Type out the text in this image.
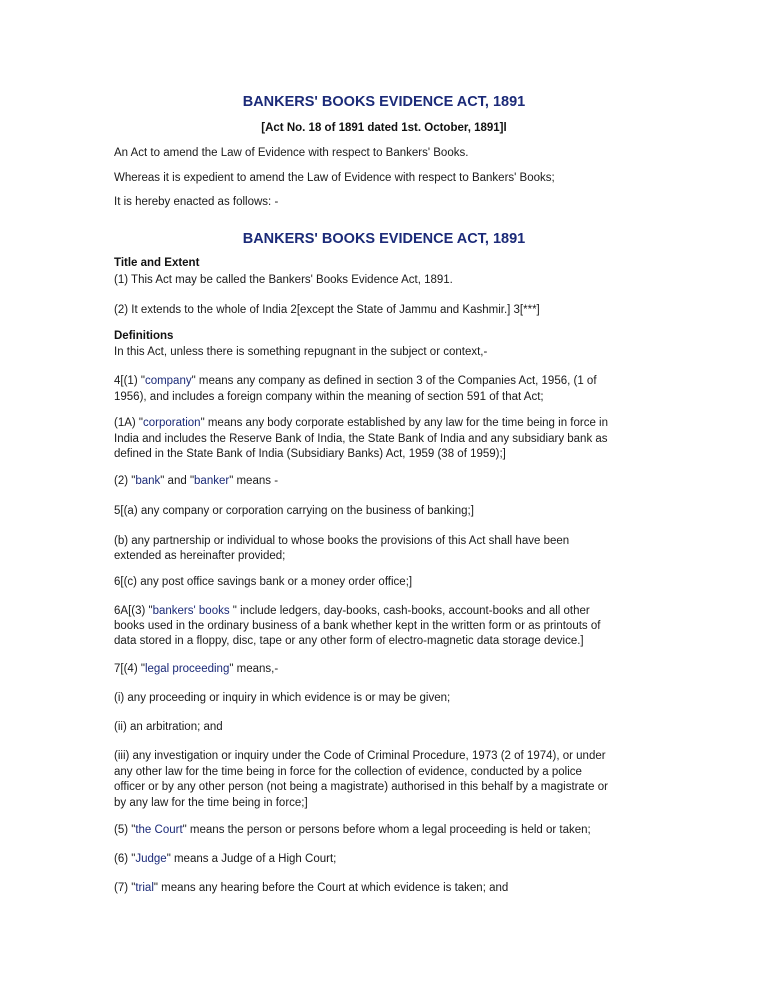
BANKERS' BOOKS EVIDENCE ACT, 1891
[Act No. 18 of 1891 dated 1st. October, 1891]l
An Act to amend the Law of Evidence with respect to Bankers' Books.
Whereas it is expedient to amend the Law of Evidence with respect to Bankers' Books;
It is hereby enacted as follows: -
BANKERS' BOOKS EVIDENCE ACT, 1891
Title and Extent
(1) This Act may be called the Bankers' Books Evidence Act, 1891.
(2) It extends to the whole of India 2[except the State of Jammu and Kashmir.] 3[***]
Definitions
In this Act, unless there is something repugnant in the subject or context,-
4[(1) "company" means any company as defined in section 3 of the Companies Act, 1956, (1 of
1956), and includes a foreign company within the meaning of section 591 of that Act;
(1A) "corporation" means any body corporate established by any law for the time being in force in
India and includes the Reserve Bank of India, the State Bank of India and any subsidiary bank as
defined in the State Bank of India (Subsidiary Banks) Act, 1959 (38 of 1959);]
(2) "bank" and "banker" means -
5[(a) any company or corporation carrying on the business of banking;]
(b) any partnership or individual to whose books the provisions of this Act shall have been
extended as hereinafter provided;
6[(c) any post office savings bank or a money order office;]
6A[(3) "bankers' books " include ledgers, day-books, cash-books, account-books and all other
books used in the ordinary business of a bank whether kept in the written form or as printouts of
data stored in a floppy, disc, tape or any other form of electro-magnetic data storage device.]
7[(4) "legal proceeding" means,-
(i) any proceeding or inquiry in which evidence is or may be given;
(ii) an arbitration; and
(iii) any investigation or inquiry under the Code of Criminal Procedure, 1973 (2 of 1974), or under
any other law for the time being in force for the collection of evidence, conducted by a police
officer or by any other person (not being a magistrate) authorised in this behalf by a magistrate or
by any law for the time being in force;]
(5) "the Court" means the person or persons before whom a legal proceeding is held or taken;
(6) "Judge" means a Judge of a High Court;
(7) "trial" means any hearing before the Court at which evidence is taken; and
